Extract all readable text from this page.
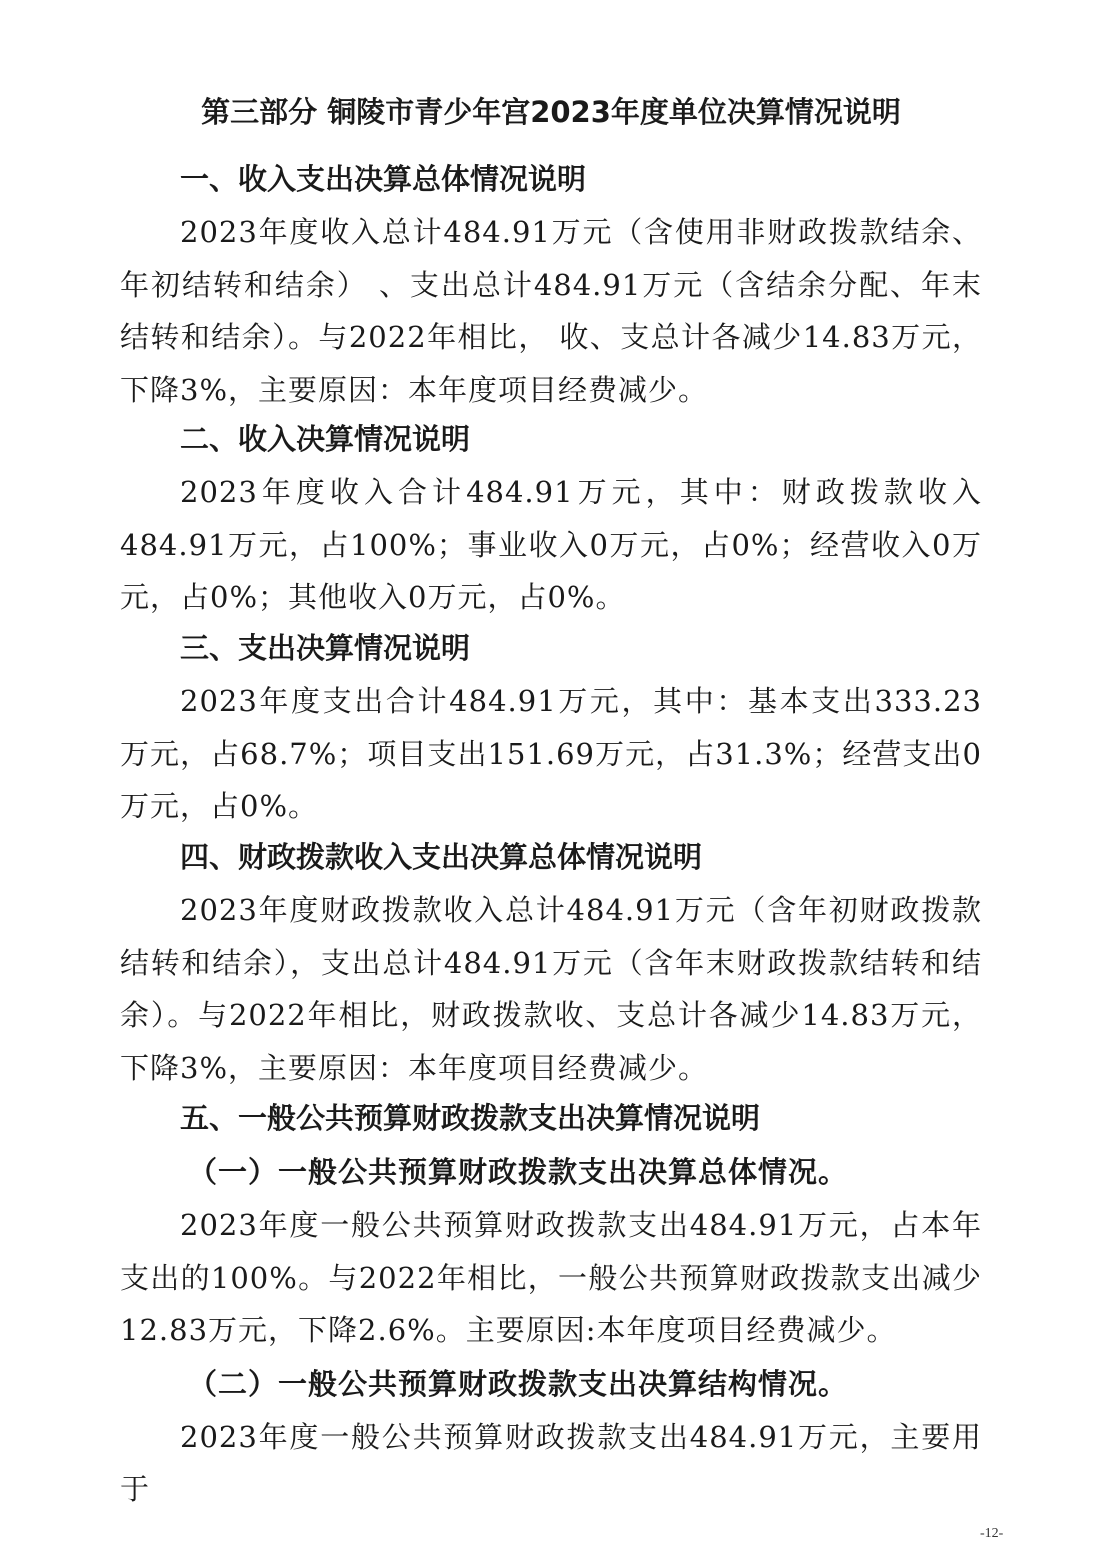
第三部分 铜陵市青少年宫2023年度单位决算情况说明
一、收入支出决算总体情况说明

2023年度收入总计484.91万元（含使用非财政拨款结余、年初结转和结余） 、支出总计484.91万元（含结余分配、年末结转和结余）。与2022年相比， 收、支总计各减少14.83万元，下降3%，主要原因：本年度项目经费减少。

二、收入决算情况说明

2023年度收入合计484.91万元，其中：财政拨款收入484.91万元，占100%；事业收入0万元，占0%；经营收入0万元，占0%；其他收入0万元，占0%。

三、支出决算情况说明

2023年度支出合计484.91万元，其中：基本支出333.23万元，占68.7%；项目支出151.69万元，占31.3%；经营支出0万元，占0%。

四、财政拨款收入支出决算总体情况说明

2023年度财政拨款收入总计484.91万元（含年初财政拨款结转和结余），支出总计484.91万元（含年末财政拨款结转和结余）。与2022年相比，财政拨款收、支总计各减少14.83万元，下降3%，主要原因：本年度项目经费减少。

五、一般公共预算财政拨款支出决算情况说明
（一）一般公共预算财政拨款支出决算总体情况。

2023年度一般公共预算财政拨款支出484.91万元，占本年支出的100%。与2022年相比，一般公共预算财政拨款支出减少12.83万元，下降2.6%。主要原因:本年度项目经费减少。

（二）一般公共预算财政拨款支出决算结构情况。

2023年度一般公共预算财政拨款支出484.91万元，主要用于

-12-
